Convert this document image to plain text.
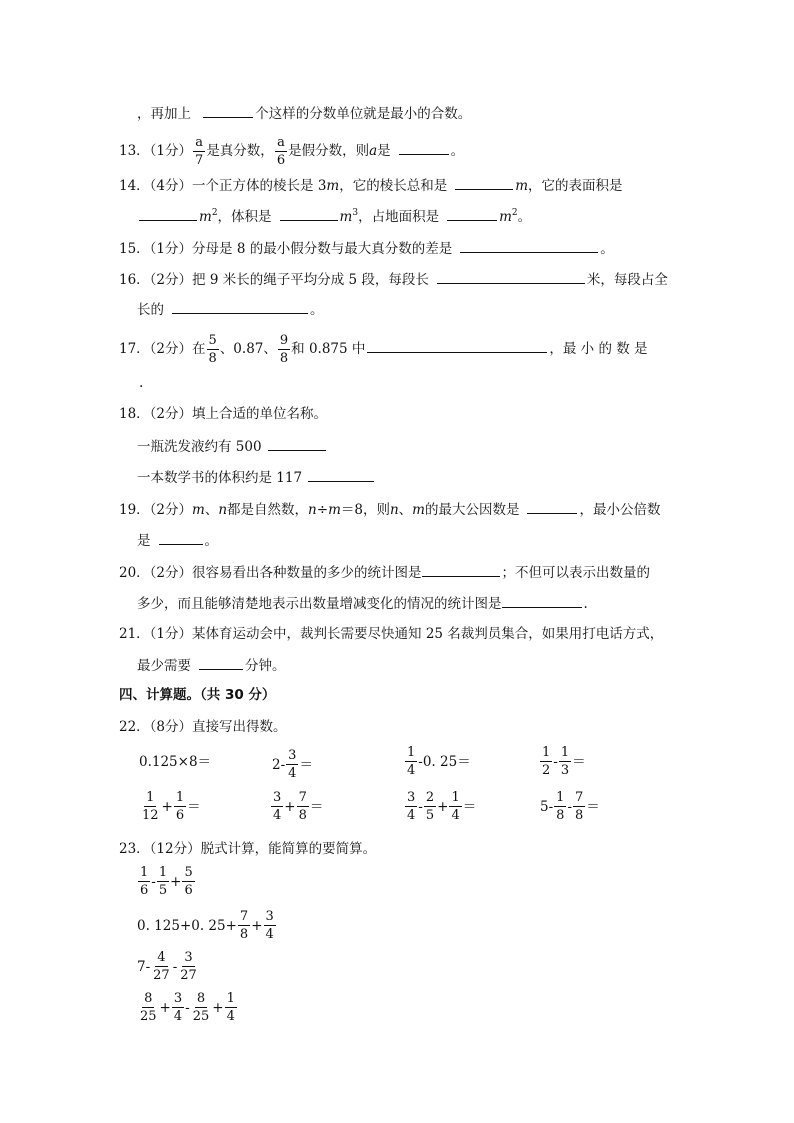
，再加上	个这样的分数单位就是最小的合数。
13．（1分） $\frac{a}{7}$ 是真分数， $\frac{a}{6}$ 是假分数，则a是	。
14．（4分）一个正方体的棱长是 3m，它的棱长总和是	m，它的表面积是
$m^2$，体积是	$m^3$，占地面积是	$m^2$。
15．（1分）分母是 8 的最小假分数与最大真分数的差是	。
16．（2分）把 9 米长的绳子平均分成 5 段，每段长	米，每段占全
长的	。
17．（2分）在 $\frac{5}{8}$ 、0.87、 $\frac{9}{8}$ 和 0.875 中	，最 小 的 数 是
.
18．（2分）填上合适的单位名称。
一瓶洗发液约有 500
一本数学书的体积约是 117
19．（2分）m、n都是自然数，n÷m＝8，则n、m的最大公因数是	，最小公倍数
是	。
20．（2分）很容易看出各种数量的多少的统计图是	；不但可以表示出数量的
多少，而且能够清楚地表示出数量增减变化的情况的统计图是	.
21．（1分）某体育运动会中，裁判长需要尽快通知 25 名裁判员集合，如果用打电话方式，
最少需要	分钟。
四、计算题。（共 30 分）
22．（8分）直接写出得数。
0.125×8＝	$2- \frac{3}{4}$ ＝	$\frac{1}{4} -0$. 25＝	$\frac{1}{2} - \frac{1}{3}$ ＝
$\frac{1}{12} + \frac{1}{6}$ ＝	$\frac{3}{4} + \frac{7}{8}$ ＝	$\frac{3}{4} - \frac{2}{5} + \frac{1}{4}$ ＝	$5- \frac{1}{8} - \frac{7}{8}$ ＝
23．（12分）脱式计算，能简算的要简算。
$\frac{1}{6} - \frac{1}{5} + \frac{5}{6}$
0. 125+0. $25+ \frac{7}{8} + \frac{3}{4}$
$7- \frac{4}{27} - \frac{3}{27}$
$\frac{8}{25} + \frac{3}{4} - \frac{8}{25} + \frac{1}{4}$
